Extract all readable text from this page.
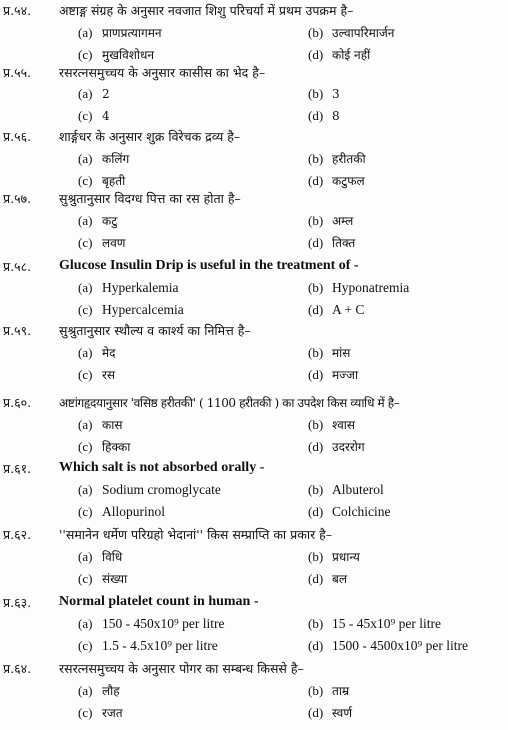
प्र.५४.	अष्टाङ्ग संग्रह के अनुसार नवजात शिशु परिचर्या में प्रथम उपक्रम है–
(a) प्राणप्रत्यागमन	(b) उल्वापरिमार्जन
(c) मुखविशोधन	(d) कोई नहीं
प्र.५५.	रसरत्नसमुच्चय के अनुसार कासीस का भेद है–
(a) 2	(b) 3
(c) 4	(d) 8
प्र.५६.	शार्ङ्गधर के अनुसार शुक्र विरेचक द्रव्य है–
(a) कलिंग	(b) हरीतकी
(c) बृहती	(d) कटुफल
प्र.५७.	सुश्रुतानुसार विदग्ध पित्त का रस होता है–
(a) कटु	(b) अम्ल
(c) लवण	(d) तिक्त
प्र.५८.	Glucose Insulin Drip is useful in the treatment of -
(a) Hyperkalemia	(b) Hyponatremia
(c) Hypercalcemia	(d) A + C
प्र.५९.	सुश्रुतानुसार स्थौल्य व कार्श्य का निमित्त है–
(a) मेद	(b) मांस
(c) रस	(d) मज्जा
प्र.६०.	अष्टांगहृदयानुसार 'वसिष्ठ हरीतकी' ( 1100 हरीतकी ) का उपदेश किस व्याधि में है–
(a) कास	(b) श्वास
(c) हिक्का	(d) उदररोग
प्र.६१.	Which salt is not absorbed orally -
(a) Sodium cromoglycate	(b) Albuterol
(c) Allopurinol	(d) Colchicine
प्र.६२.	''समानेन धर्मेण परिग्रहो भेदानां'' किस सम्प्राप्ति का प्रकार है–
(a) विधि	(b) प्रधान्य
(c) संख्या	(d) बल
प्र.६३.	Normal platelet count in human -
(a) 150 - 450x10⁹ per litre	(b) 15 - 45x10⁹ per litre
(c) 1.5 - 4.5x10⁹ per litre	(d) 1500 - 4500x10⁹ per litre
प्र.६४.	रसरत्नसमुच्चय के अनुसार पोगर का सम्बन्ध किससे है–
(a) लौह	(b) ताम्र
(c) रजत	(d) स्वर्ण
